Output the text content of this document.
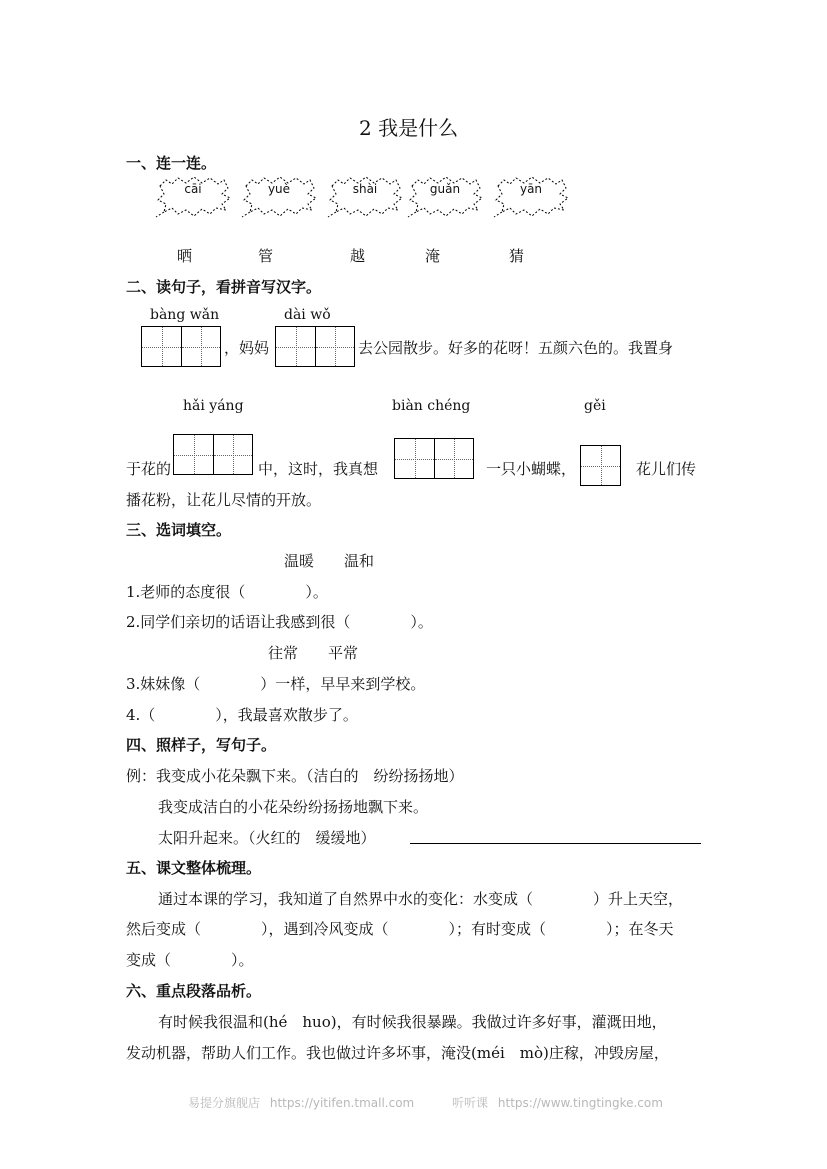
2 我是什么
一、连一连。
cāi	yuè	shài	guǎn	yān
晒	管	越	淹	猜
二、读句子，看拼音写汉字。
bàng wǎn	dài wǒ
，妈妈	去公园散步。好多的花呀！五颜六色的。我置身
hǎi yáng	biàn chéng	gěi
于花的	中，这时，我真想	一只小蝴蝶，	花儿们传
播花粉，让花儿尽情的开放。
三、选词填空。
温暖　　温和
1.老师的态度很（　　　　）。
2.同学们亲切的话语让我感到很（　　　　）。
往常　　平常
3.妹妹像（　　　　）一样，早早来到学校。
4.（　　　　），我最喜欢散步了。
四、照样子，写句子。
例：我变成小花朵飘下来。（洁白的　纷纷扬扬地）
我变成洁白的小花朵纷纷扬扬地飘下来。
太阳升起来。（火红的　缓缓地）
五、课文整体梳理。
通过本课的学习，我知道了自然界中水的变化：水变成（　　　　）升上天空，
然后变成（　　　　），遇到冷风变成（　　　　）；有时变成（　　　　）；在冬天
变成（　　　　）。
六、重点段落品析。
有时候我很温和(hé　huo)，有时候我很暴躁。我做过许多好事，灌溉田地，
发动机器，帮助人们工作。我也做过许多坏事，淹没(méi　mò)庄稼，冲毁房屋，
易提分旗舰店 https://yitifen.tmall.com	听听课 https://www.tingtingke.com
